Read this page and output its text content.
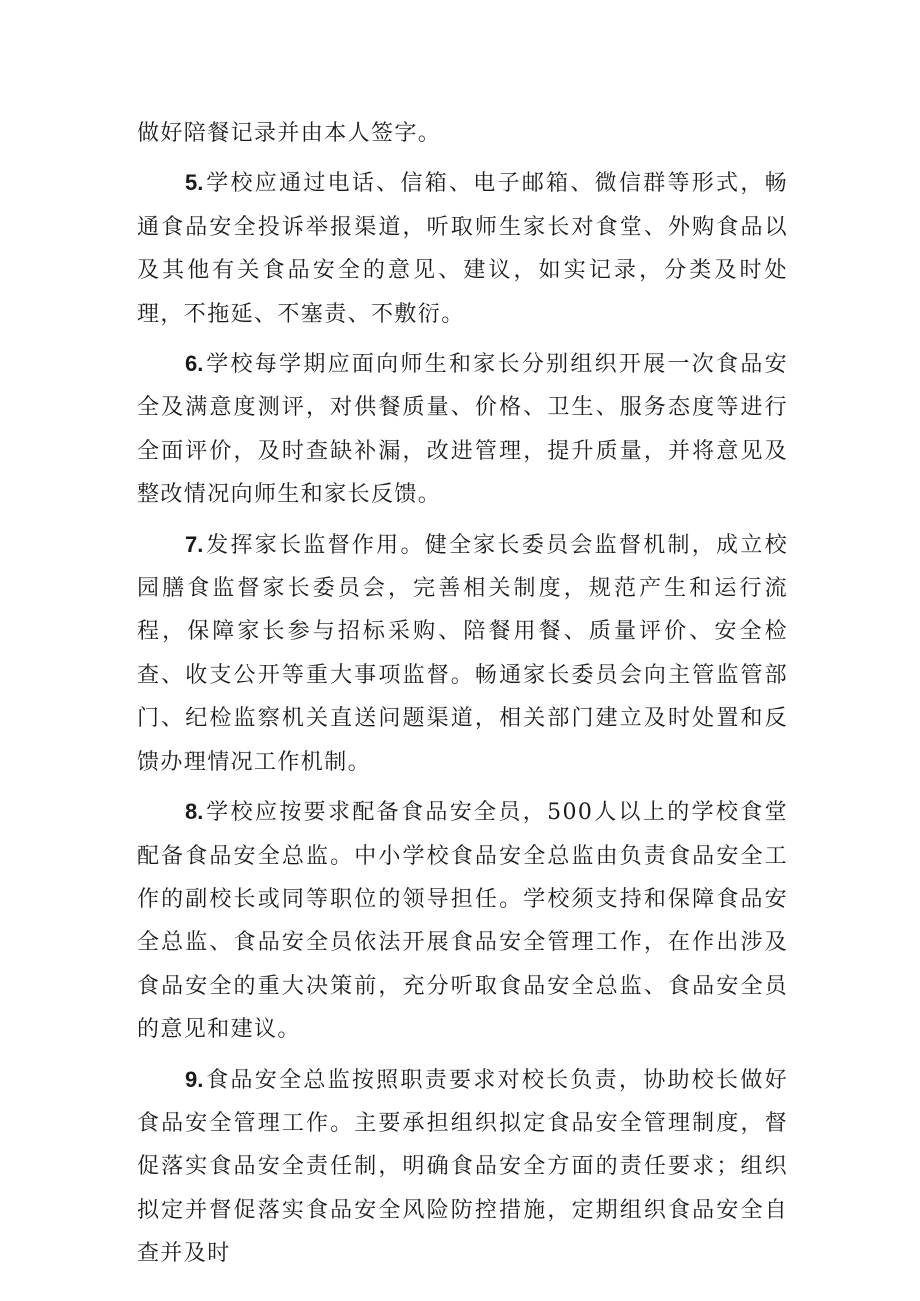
做好陪餐记录并由本人签字。

5.学校应通过电话、信箱、电子邮箱、微信群等形式，畅通食品安全投诉举报渠道，听取师生家长对食堂、外购食品以及其他有关食品安全的意见、建议，如实记录，分类及时处理，不拖延、不塞责、不敷衍。

6.学校每学期应面向师生和家长分别组织开展一次食品安全及满意度测评，对供餐质量、价格、卫生、服务态度等进行全面评价，及时查缺补漏，改进管理，提升质量，并将意见及整改情况向师生和家长反馈。

7.发挥家长监督作用。健全家长委员会监督机制，成立校园膳食监督家长委员会，完善相关制度，规范产生和运行流程，保障家长参与招标采购、陪餐用餐、质量评价、安全检查、收支公开等重大事项监督。畅通家长委员会向主管监管部门、纪检监察机关直送问题渠道，相关部门建立及时处置和反馈办理情况工作机制。

8.学校应按要求配备食品安全员，500人以上的学校食堂配备食品安全总监。中小学校食品安全总监由负责食品安全工作的副校长或同等职位的领导担任。学校须支持和保障食品安全总监、食品安全员依法开展食品安全管理工作，在作出涉及食品安全的重大决策前，充分听取食品安全总监、食品安全员的意见和建议。

9.食品安全总监按照职责要求对校长负责，协助校长做好食品安全管理工作。主要承担组织拟定食品安全管理制度，督促落实食品安全责任制，明确食品安全方面的责任要求；组织拟定并督促落实食品安全风险防控措施，定期组织食品安全自查并及时
